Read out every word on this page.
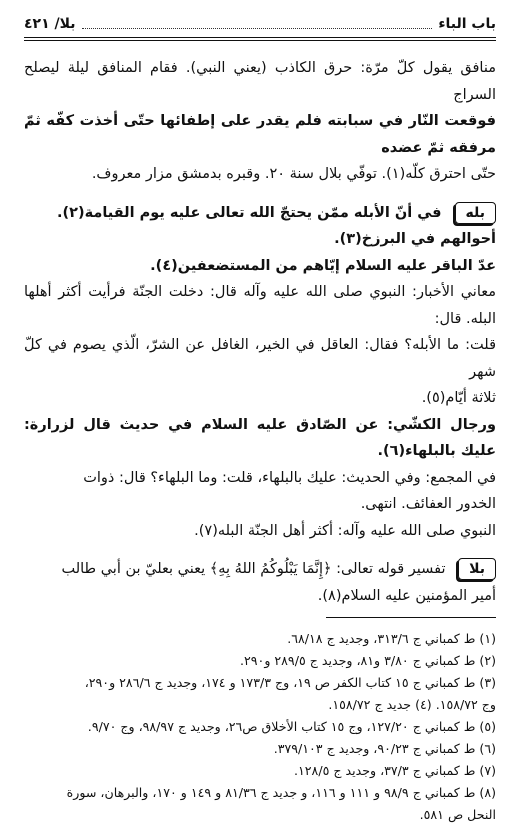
باب الباء
بلا/ ٤٢١

منافق يقول كلّ مرّة: حرق الكاذب (يعني النبي). فقام المنافق ليلة ليصلح السراج

فوقعت النّار في سبابته فلم يقدر على إطفائها حتّى أخذت كفّه ثمّ مرفقه ثمّ عضده

حتّى احترق كلّه(١). توفّي بلال سنة ٢٠. وقبره بدمشق مزار معروف.

بله في أنّ الأبله ممّن يحتجّ الله تعالى عليه يوم القيامة(٢).

أحوالهم في البرزخ(٣).

عدّ الباقر عليه السلام إيّاهم من المستضعفين(٤).

معاني الأخبار: النبوي صلى الله عليه وآله قال: دخلت الجنّة فرأيت أكثر أهلها البله. قال:

قلت: ما الأبله؟ فقال: العاقل في الخير، الغافل عن الشرّ، الّذي يصوم في كلّ شهر

ثلاثة أيّام(٥).

ورجال الكشّي: عن الصّادق عليه السلام في حديث قال لزرارة: عليك بالبلهاء(٦).

في المجمع: وفي الحديث: عليك بالبلهاء، قلت: وما البلهاء؟ قال: ذوات

الخدور العفائف. انتهى.

النبوي صلى الله عليه وآله: أكثر أهل الجنّة البله(٧).

بلا تفسير قوله تعالى: ﴿إِنَّمَا يَبْلُوكُمُ اللهُ بِهِ﴾ يعني بعليّ بن أبي طالب

أمير المؤمنين عليه السلام(٨).

(١) ط كمباني ج ٣١٣/٦، وجديد ج ٦٨/١٨.

(٢) ط كمباني ج ٣/٨٠ و٨١، وجديد ج ٢٨٩/٥ و٢٩٠.

(٣) ط كمباني ج ١٥ كتاب الكفر ص ١٩، وج ١٧٣/٣ و ١٧٤، وجديد ج ٢٨٦/٦ و٢٩٠،

وج ١٥٨/٧٢. (٤) جديد ج ١٥٨/٧٢.

(٥) ط كمباني ج ١٢٧/٢٠، وج ١٥ كتاب الأخلاق ص٢٦، وجديد ج ٩٨/٩٧، وج ٩/٧٠.

(٦) ط كمباني ج ٩٠/٢٣، وجديد ج ٣٧٩/١٠٣.

(٧) ط كمباني ج ٣٧/٣، وجديد ج ١٢٨/٥.

(٨) ط كمباني ج ٩٨/٩ و ١١١ و ١١٦، و جديد ج ٨١/٣٦ و ١٤٩ و ١٧٠، والبرهان، سورة

النحل ص ٥٨١.
